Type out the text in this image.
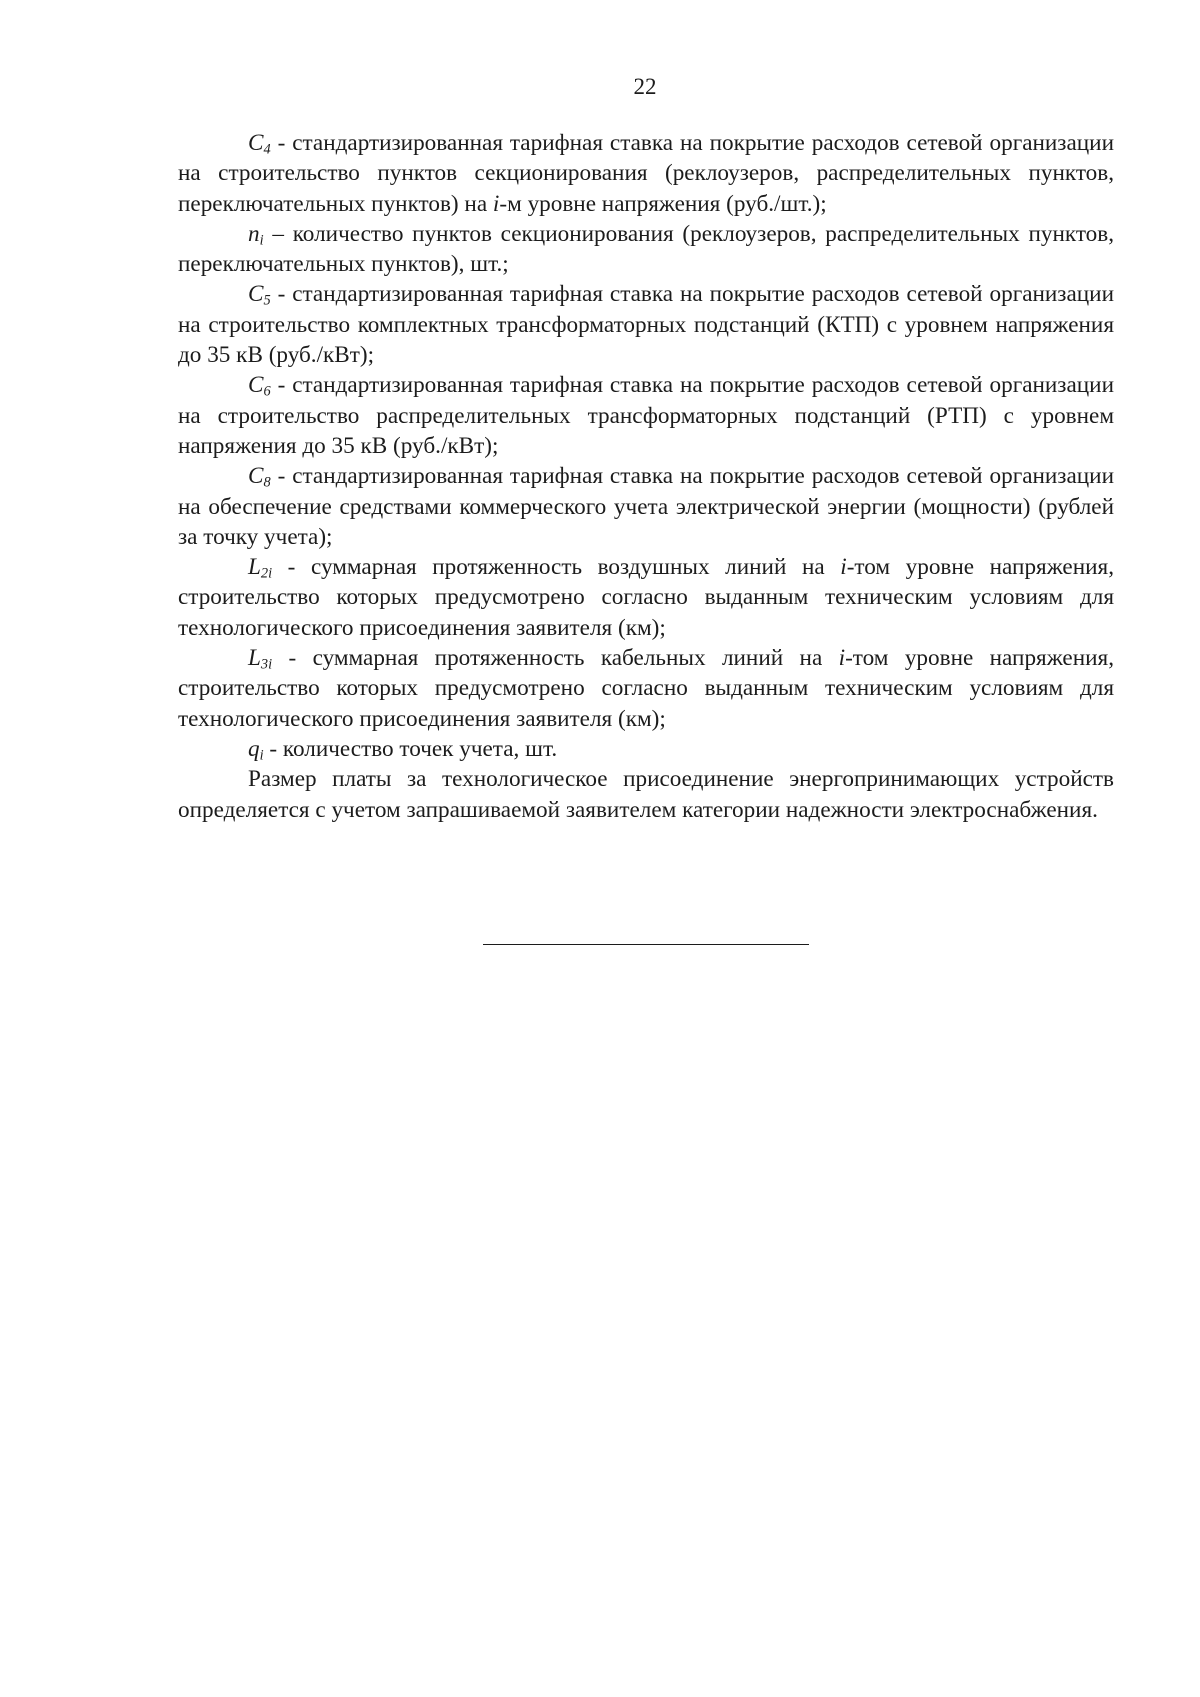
22

$C_4$ - стандартизированная тарифная ставка на покрытие расходов сетевой организации на строительство пунктов секционирования (реклоузеров, распределительных пунктов, переключательных пунктов) на i-м уровне напряжения (руб./шт.);

$n_i$ – количество пунктов секционирования (реклоузеров, распределительных пунктов, переключательных пунктов), шт.;

$C_5$ - стандартизированная тарифная ставка на покрытие расходов сетевой организации на строительство комплектных трансформаторных подстанций (КТП) с уровнем напряжения до 35 кВ (руб./кВт);

$C_6$ - стандартизированная тарифная ставка на покрытие расходов сетевой организации на строительство распределительных трансформаторных подстанций (РТП) с уровнем напряжения до 35 кВ (руб./кВт);

$C_8$ - стандартизированная тарифная ставка на покрытие расходов сетевой организации на обеспечение средствами коммерческого учета электрической энергии (мощности) (рублей за точку учета);

$L_{2i}$ - суммарная протяженность воздушных линий на i-том уровне напряжения, строительство которых предусмотрено согласно выданным техническим условиям для технологического присоединения заявителя (км);

$L_{3i}$ - суммарная протяженность кабельных линий на i-том уровне напряжения, строительство которых предусмотрено согласно выданным техническим условиям для технологического присоединения заявителя (км);

$q_i$ - количество точек учета, шт.

Размер платы за технологическое присоединение энергопринимающих устройств определяется с учетом запрашиваемой заявителем категории надежности электроснабжения.
